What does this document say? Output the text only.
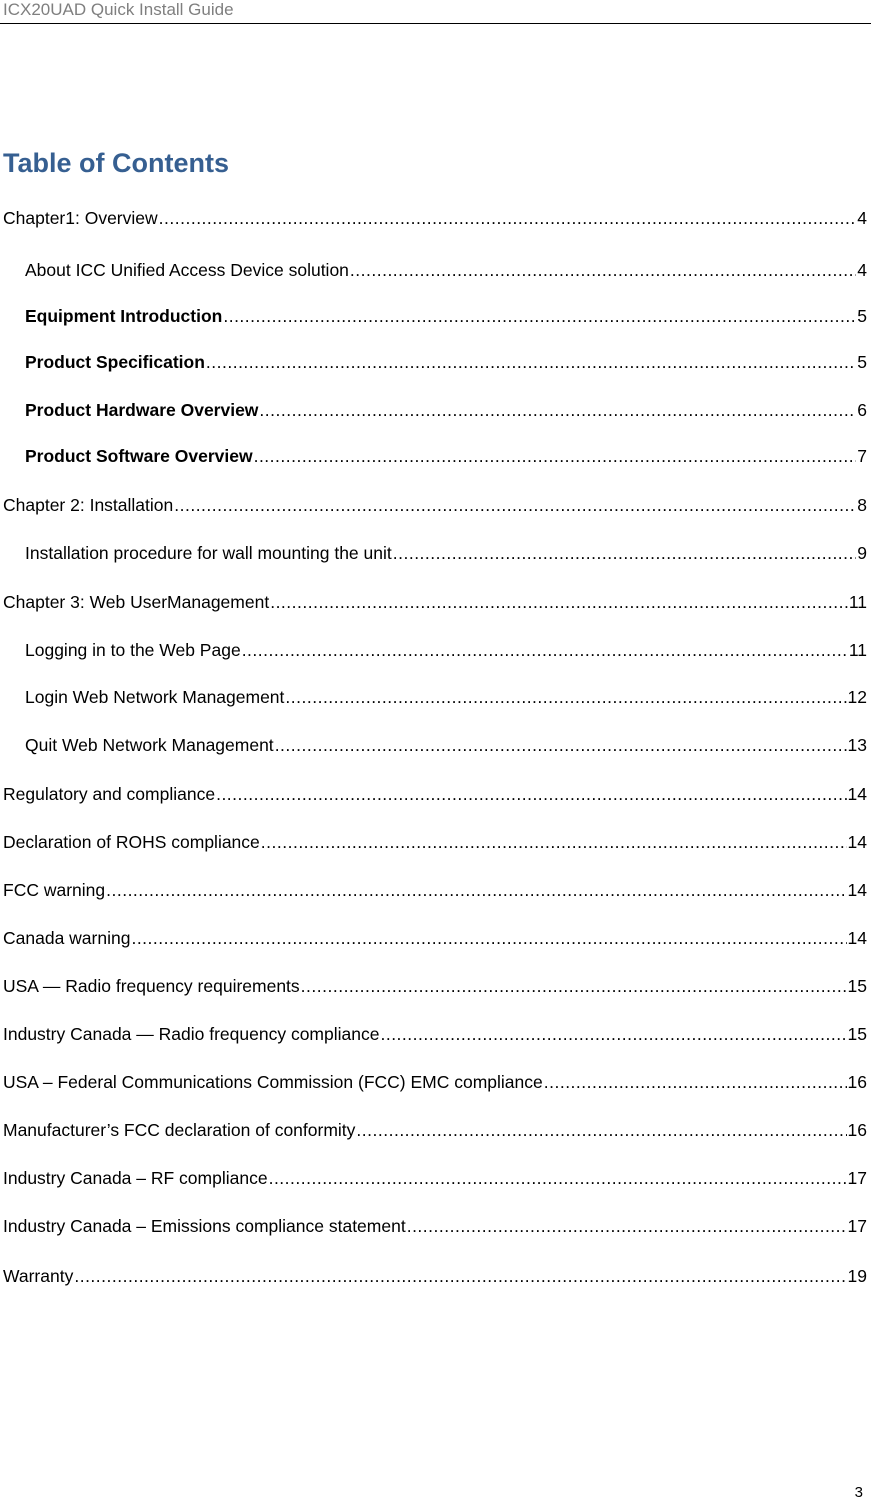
ICX20UAD Quick Install Guide
Table of Contents
Chapter1: Overview .....	4
About ICC Unified Access Device solution .....	4
Equipment Introduction .....	5
Product Specification .....	5
Product Hardware Overview .....	6
Product Software Overview .....	7
Chapter 2: Installation .....	8
Installation procedure for wall mounting the unit .....	9
Chapter 3: Web UserManagement .....	11
Logging in to the Web Page .....	11
Login Web Network Management .....	12
Quit Web Network Management .....	13
Regulatory and compliance .....	14
Declaration of ROHS compliance .....	14
FCC warning .....	14
Canada warning .....	14
USA — Radio frequency requirements .....	15
Industry Canada — Radio frequency compliance .....	15
USA – Federal Communications Commission (FCC) EMC compliance .....	16
Manufacturer’s FCC declaration of conformity .....	16
Industry Canada – RF compliance .....	17
Industry Canada – Emissions compliance statement .....	17
Warranty .....	19
3
